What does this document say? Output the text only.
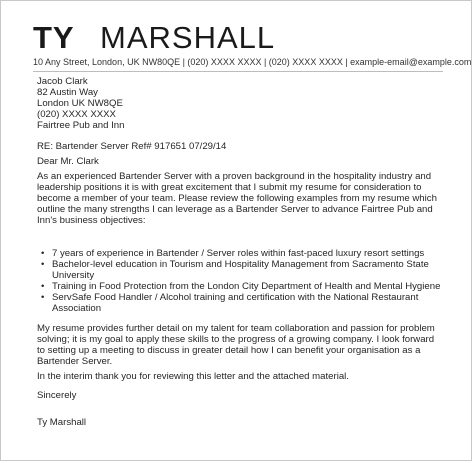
TY MARSHALL
10 Any Street, London, UK NW80QE | (020) XXXX XXXX | (020) XXXX XXXX | example-email@example.com
Jacob Clark
82 Austin Way
London UK NW8QE
(020) XXXX XXXX
Fairtree Pub and Inn
RE: Bartender Server Ref# 917651 07/29/14
Dear Mr. Clark
As an experienced Bartender Server with a proven background in the hospitality industry and leadership positions it is with great excitement that I submit my resume for consideration to become a member of your team. Please review the following examples from my resume which outline the many strengths I can leverage as a Bartender Server to advance Fairtree Pub and Inn's business objectives:
• 7 years of experience in Bartender / Server roles within fast-paced luxury resort settings
• Bachelor-level education in Tourism and Hospitality Management from Sacramento State University
• Training in Food Protection from the London City Department of Health and Mental Hygiene
• ServSafe Food Handler / Alcohol training and certification with the National Restaurant Association
My resume provides further detail on my talent for team collaboration and passion for problem solving; it is my goal to apply these skills to the progress of a growing company. I look forward to setting up a meeting to discuss in greater detail how I can benefit your organisation as a Bartender Server.
In the interim thank you for reviewing this letter and the attached material.
Sincerely
Ty Marshall
